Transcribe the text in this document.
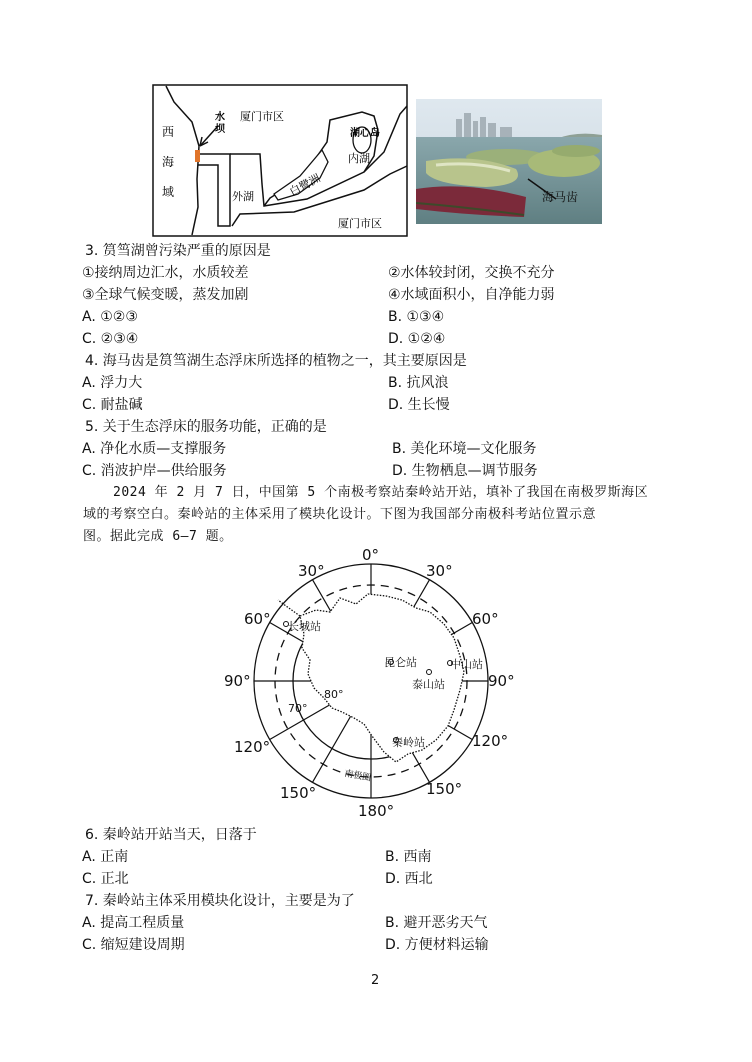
西
海
域
水
坝
厦门市区
厦门市区
湖心岛
内湖
白鹭洲
外湖	海马齿
3. 筼筜湖曾污染严重的原因是
①接纳周边汇水，水质较差	②水体较封闭，交换不充分
③全球气候变暖，蒸发加剧	④水域面积小，自净能力弱
A. ①②③	B. ①③④
C. ②③④	D. ①②④
4. 海马齿是筼筜湖生态浮床所选择的植物之一，其主要原因是
A. 浮力大	B. 抗风浪
C. 耐盐碱	D. 生长慢
5. 关于生态浮床的服务功能，正确的是
A. 净化水质—支撑服务	B. 美化环境—文化服务
C. 消波护岸—供给服务	D. 生物栖息—调节服务
2024 年 2 月 7 日，中国第 5 个南极考察站秦岭站开站，填补了我国在南极罗斯海区
域的考察空白。秦岭站的主体采用了模块化设计。下图为我国部分南极科考站位置示意
图。据此完成 6—7 题。
长城站
昆仑站	中山站
泰山站
秦岭站
80°
70°
南极圈
0°
30°	30°
60°	60°
90°	90°
120°	120°
150°	150°
180°
6. 秦岭站开站当天，日落于
A. 正南	B. 西南
C. 正北	D. 西北
7. 秦岭站主体采用模块化设计，主要是为了
A. 提高工程质量	B. 避开恶劣天气
C. 缩短建设周期	D. 方便材料运输
2
